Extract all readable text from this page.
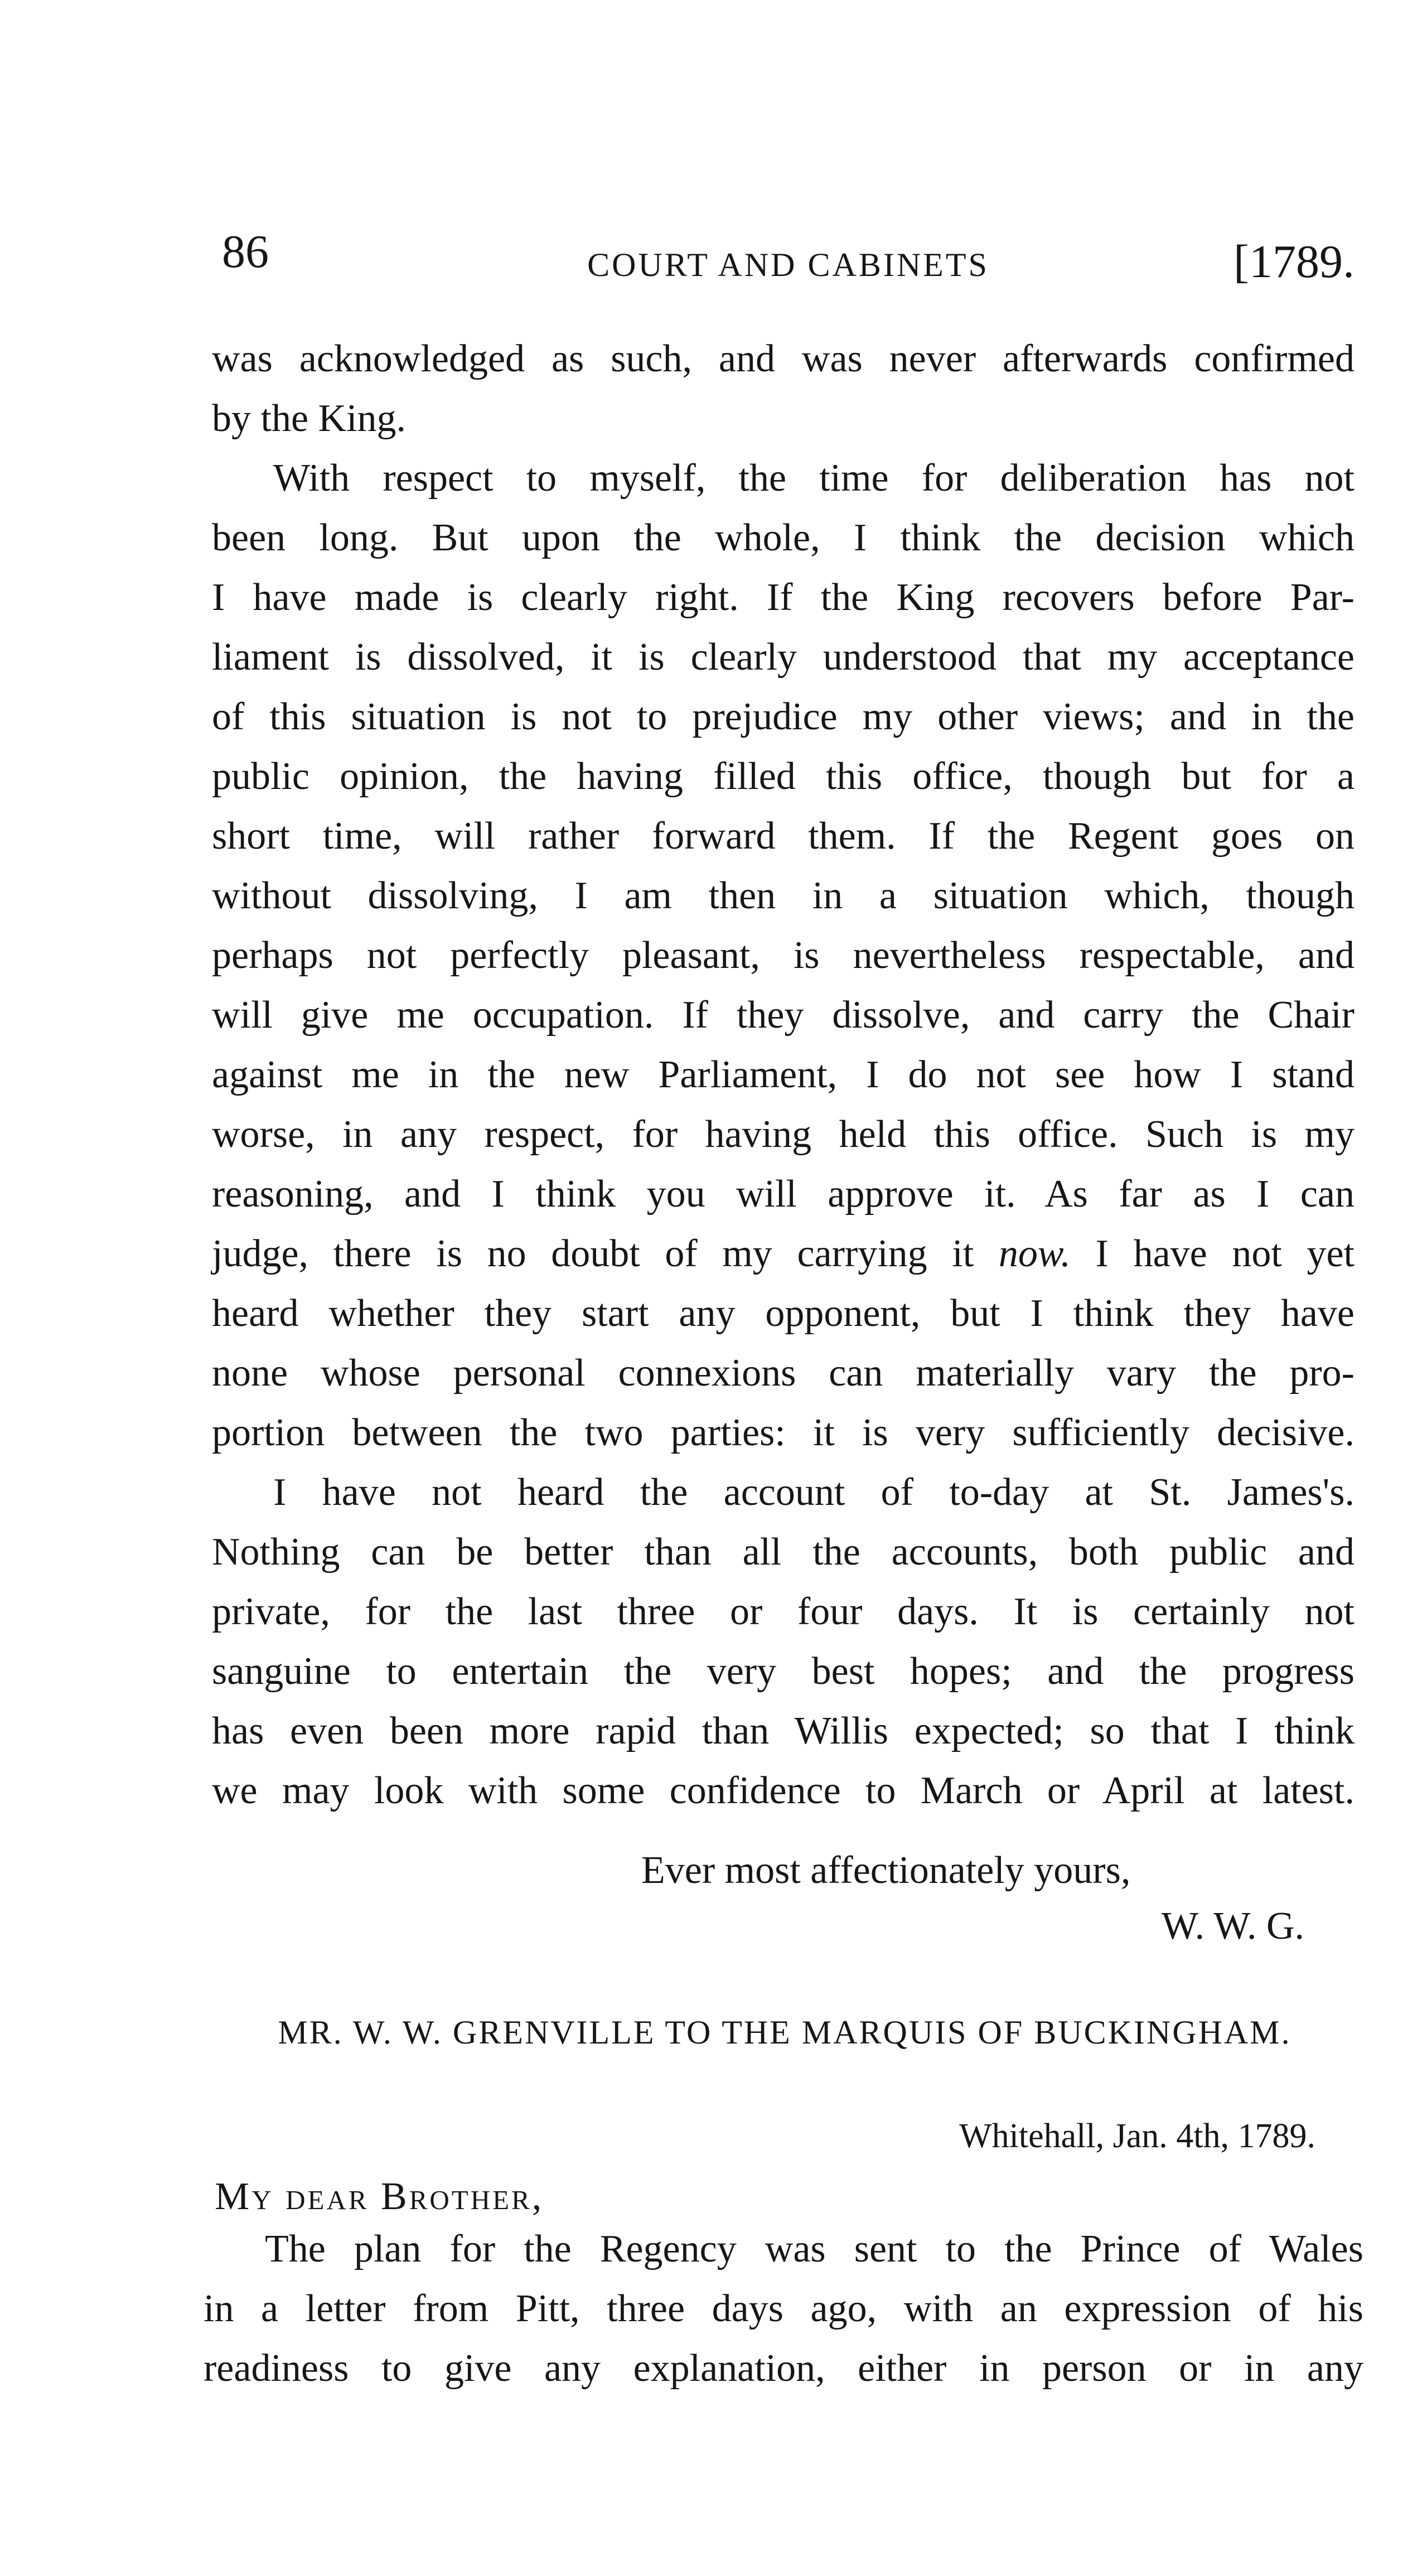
86	COURT AND CABINETS	[1789.

was acknowledged as such, and was never afterwards confirmed
by the King.

With respect to myself, the time for deliberation has not
been long. But upon the whole, I think the decision which
I have made is clearly right. If the King recovers before Par-
liament is dissolved, it is clearly understood that my acceptance
of this situation is not to prejudice my other views; and in the
public opinion, the having filled this office, though but for a
short time, will rather forward them. If the Regent goes on
without dissolving, I am then in a situation which, though
perhaps not perfectly pleasant, is nevertheless respectable, and
will give me occupation. If they dissolve, and carry the Chair
against me in the new Parliament, I do not see how I stand
worse, in any respect, for having held this office. Such is my
reasoning, and I think you will approve it. As far as I can
judge, there is no doubt of my carrying it now. I have not yet
heard whether they start any opponent, but I think they have
none whose personal connexions can materially vary the pro-
portion between the two parties: it is very sufficiently decisive.

I have not heard the account of to-day at St. James's.
Nothing can be better than all the accounts, both public and
private, for the last three or four days. It is certainly not
sanguine to entertain the very best hopes; and the progress
has even been more rapid than Willis expected; so that I think
we may look with some confidence to March or April at latest.

Ever most affectionately yours,
W. W. G.
MR. W. W. GRENVILLE TO THE MARQUIS OF BUCKINGHAM.
Whitehall, Jan. 4th, 1789.
My dear Brother,

The plan for the Regency was sent to the Prince of Wales
in a letter from Pitt, three days ago, with an expression of his
readiness to give any explanation, either in person or in any
